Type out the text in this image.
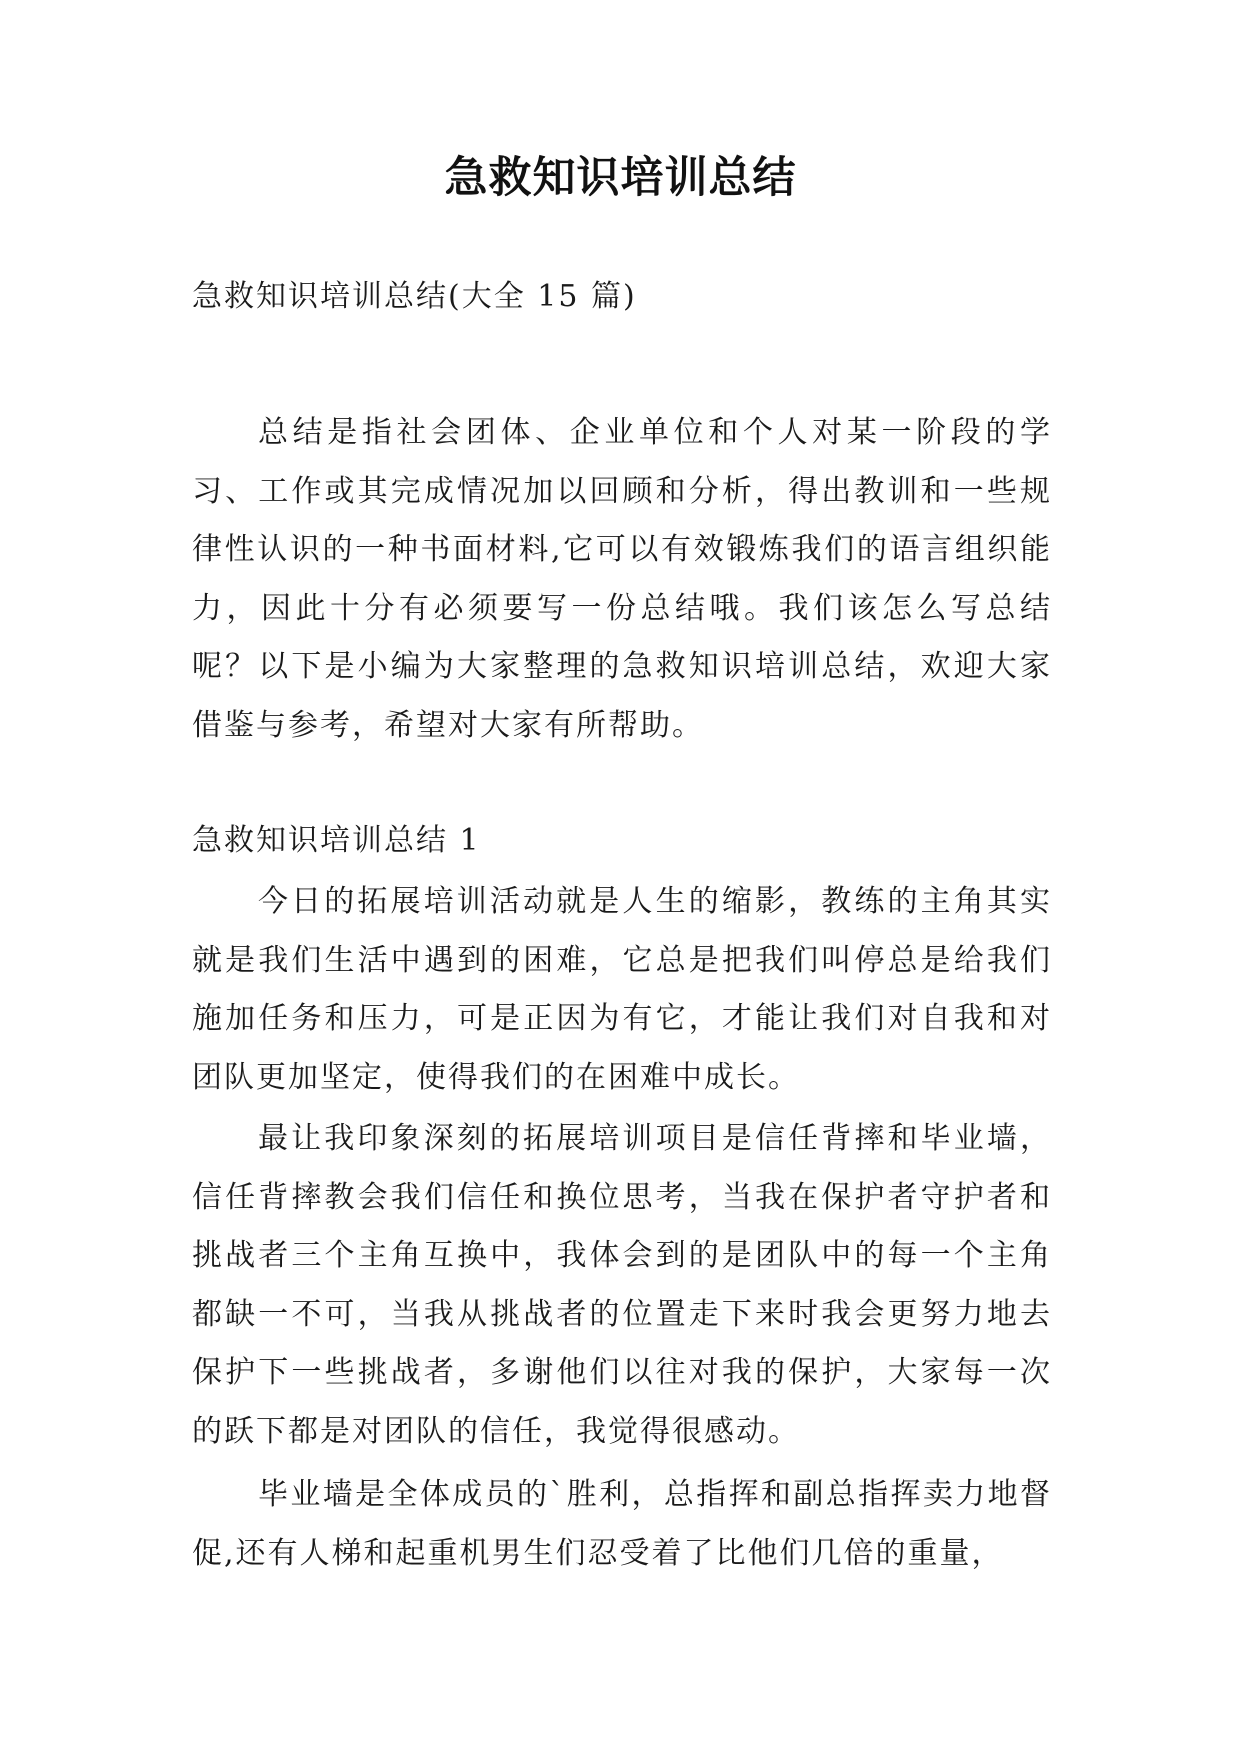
急救知识培训总结

急救知识培训总结(大全 15 篇)

总结是指社会团体、企业单位和个人对某一阶段的学习、工作或其完成情况加以回顾和分析，得出教训和一些规律性认识的一种书面材料,它可以有效锻炼我们的语言组织能力，因此十分有必须要写一份总结哦。我们该怎么写总结呢？以下是小编为大家整理的急救知识培训总结，欢迎大家借鉴与参考，希望对大家有所帮助。

急救知识培训总结 1

今日的拓展培训活动就是人生的缩影，教练的主角其实就是我们生活中遇到的困难，它总是把我们叫停总是给我们施加任务和压力，可是正因为有它，才能让我们对自我和对团队更加坚定，使得我们的在困难中成长。

最让我印象深刻的拓展培训项目是信任背摔和毕业墙，信任背摔教会我们信任和换位思考，当我在保护者守护者和挑战者三个主角互换中，我体会到的是团队中的每一个主角都缺一不可，当我从挑战者的位置走下来时我会更努力地去保护下一些挑战者，多谢他们以往对我的保护，大家每一次的跃下都是对团队的信任，我觉得很感动。

毕业墙是全体成员的`胜利，总指挥和副总指挥卖力地督促,还有人梯和起重机男生们忍受着了比他们几倍的重量，
